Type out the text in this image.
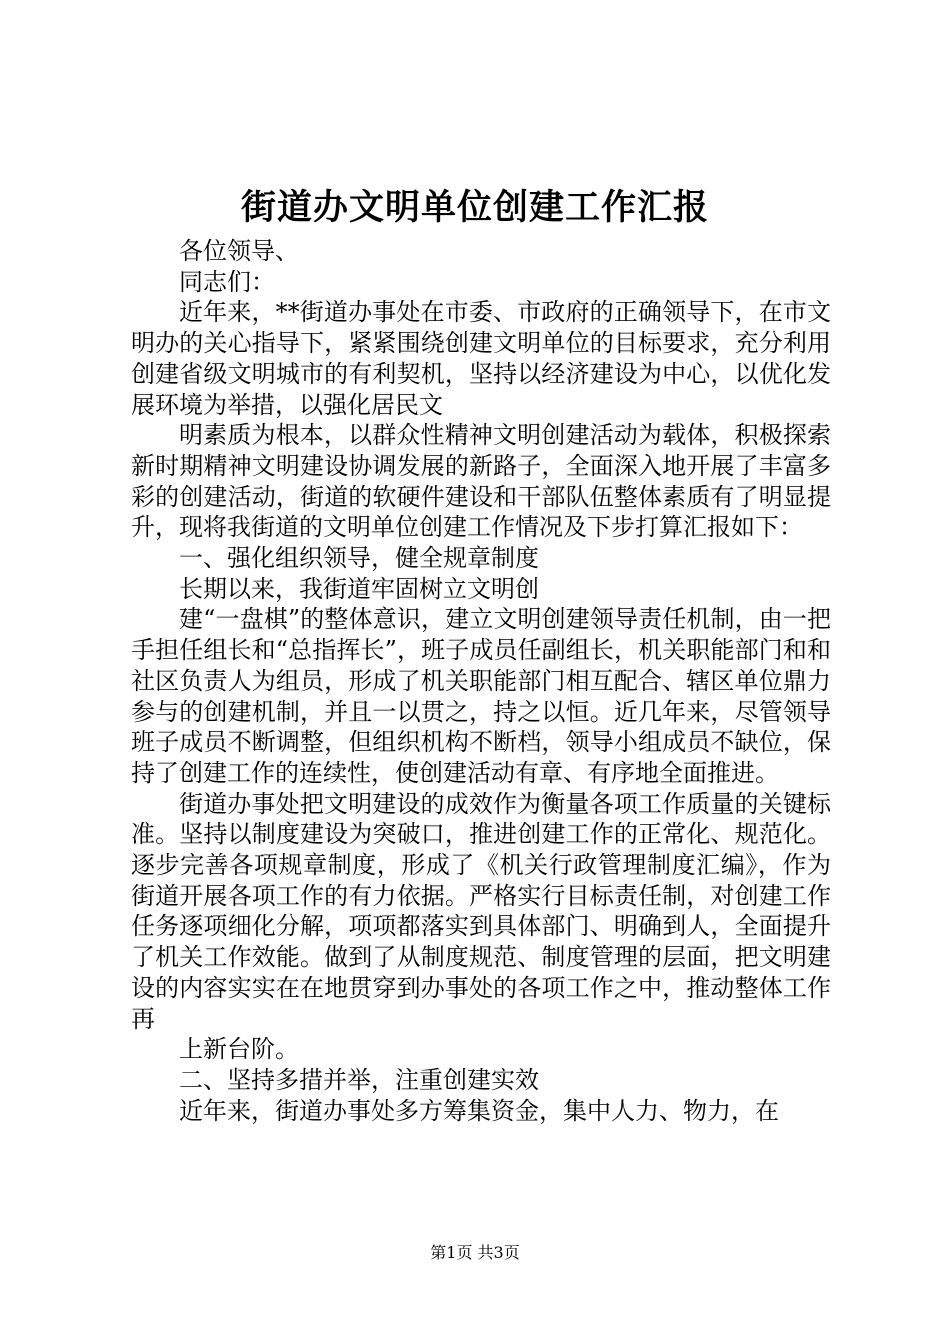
街道办文明单位创建工作汇报

各位领导、

同志们：

近年来，**街道办事处在市委、市政府的正确领导下，在市文明办的关心指导下，紧紧围绕创建文明单位的目标要求，充分利用创建省级文明城市的有利契机，坚持以经济建设为中心，以优化发展环境为举措，以强化居民文

明素质为根本，以群众性精神文明创建活动为载体，积极探索新时期精神文明建设协调发展的新路子，全面深入地开展了丰富多彩的创建活动，街道的软硬件建设和干部队伍整体素质有了明显提升，现将我街道的文明单位创建工作情况及下步打算汇报如下：

一、强化组织领导，健全规章制度

长期以来，我街道牢固树立文明创

建“一盘棋”的整体意识，建立文明创建领导责任机制，由一把手担任组长和“总指挥长”，班子成员任副组长，机关职能部门和和社区负责人为组员，形成了机关职能部门相互配合、辖区单位鼎力参与的创建机制，并且一以贯之，持之以恒。近几年来，尽管领导班子成员不断调整，但组织机构不断档，领导小组成员不缺位，保持了创建工作的连续性，使创建活动有章、有序地全面推进。

街道办事处把文明建设的成效作为衡量各项工作质量的关键标准。坚持以制度建设为突破口，推进创建工作的正常化、规范化。逐步完善各项规章制度，形成了《机关行政管理制度汇编》，作为街道开展各项工作的有力依据。严格实行目标责任制，对创建工作任务逐项细化分解，项项都落实到具体部门、明确到人，全面提升了机关工作效能。做到了从制度规范、制度管理的层面，把文明建设的内容实实在在地贯穿到办事处的各项工作之中，推动整体工作再

上新台阶。

二、坚持多措并举，注重创建实效

近年来，街道办事处多方筹集资金，集中人力、物力，在

第1页 共3页
